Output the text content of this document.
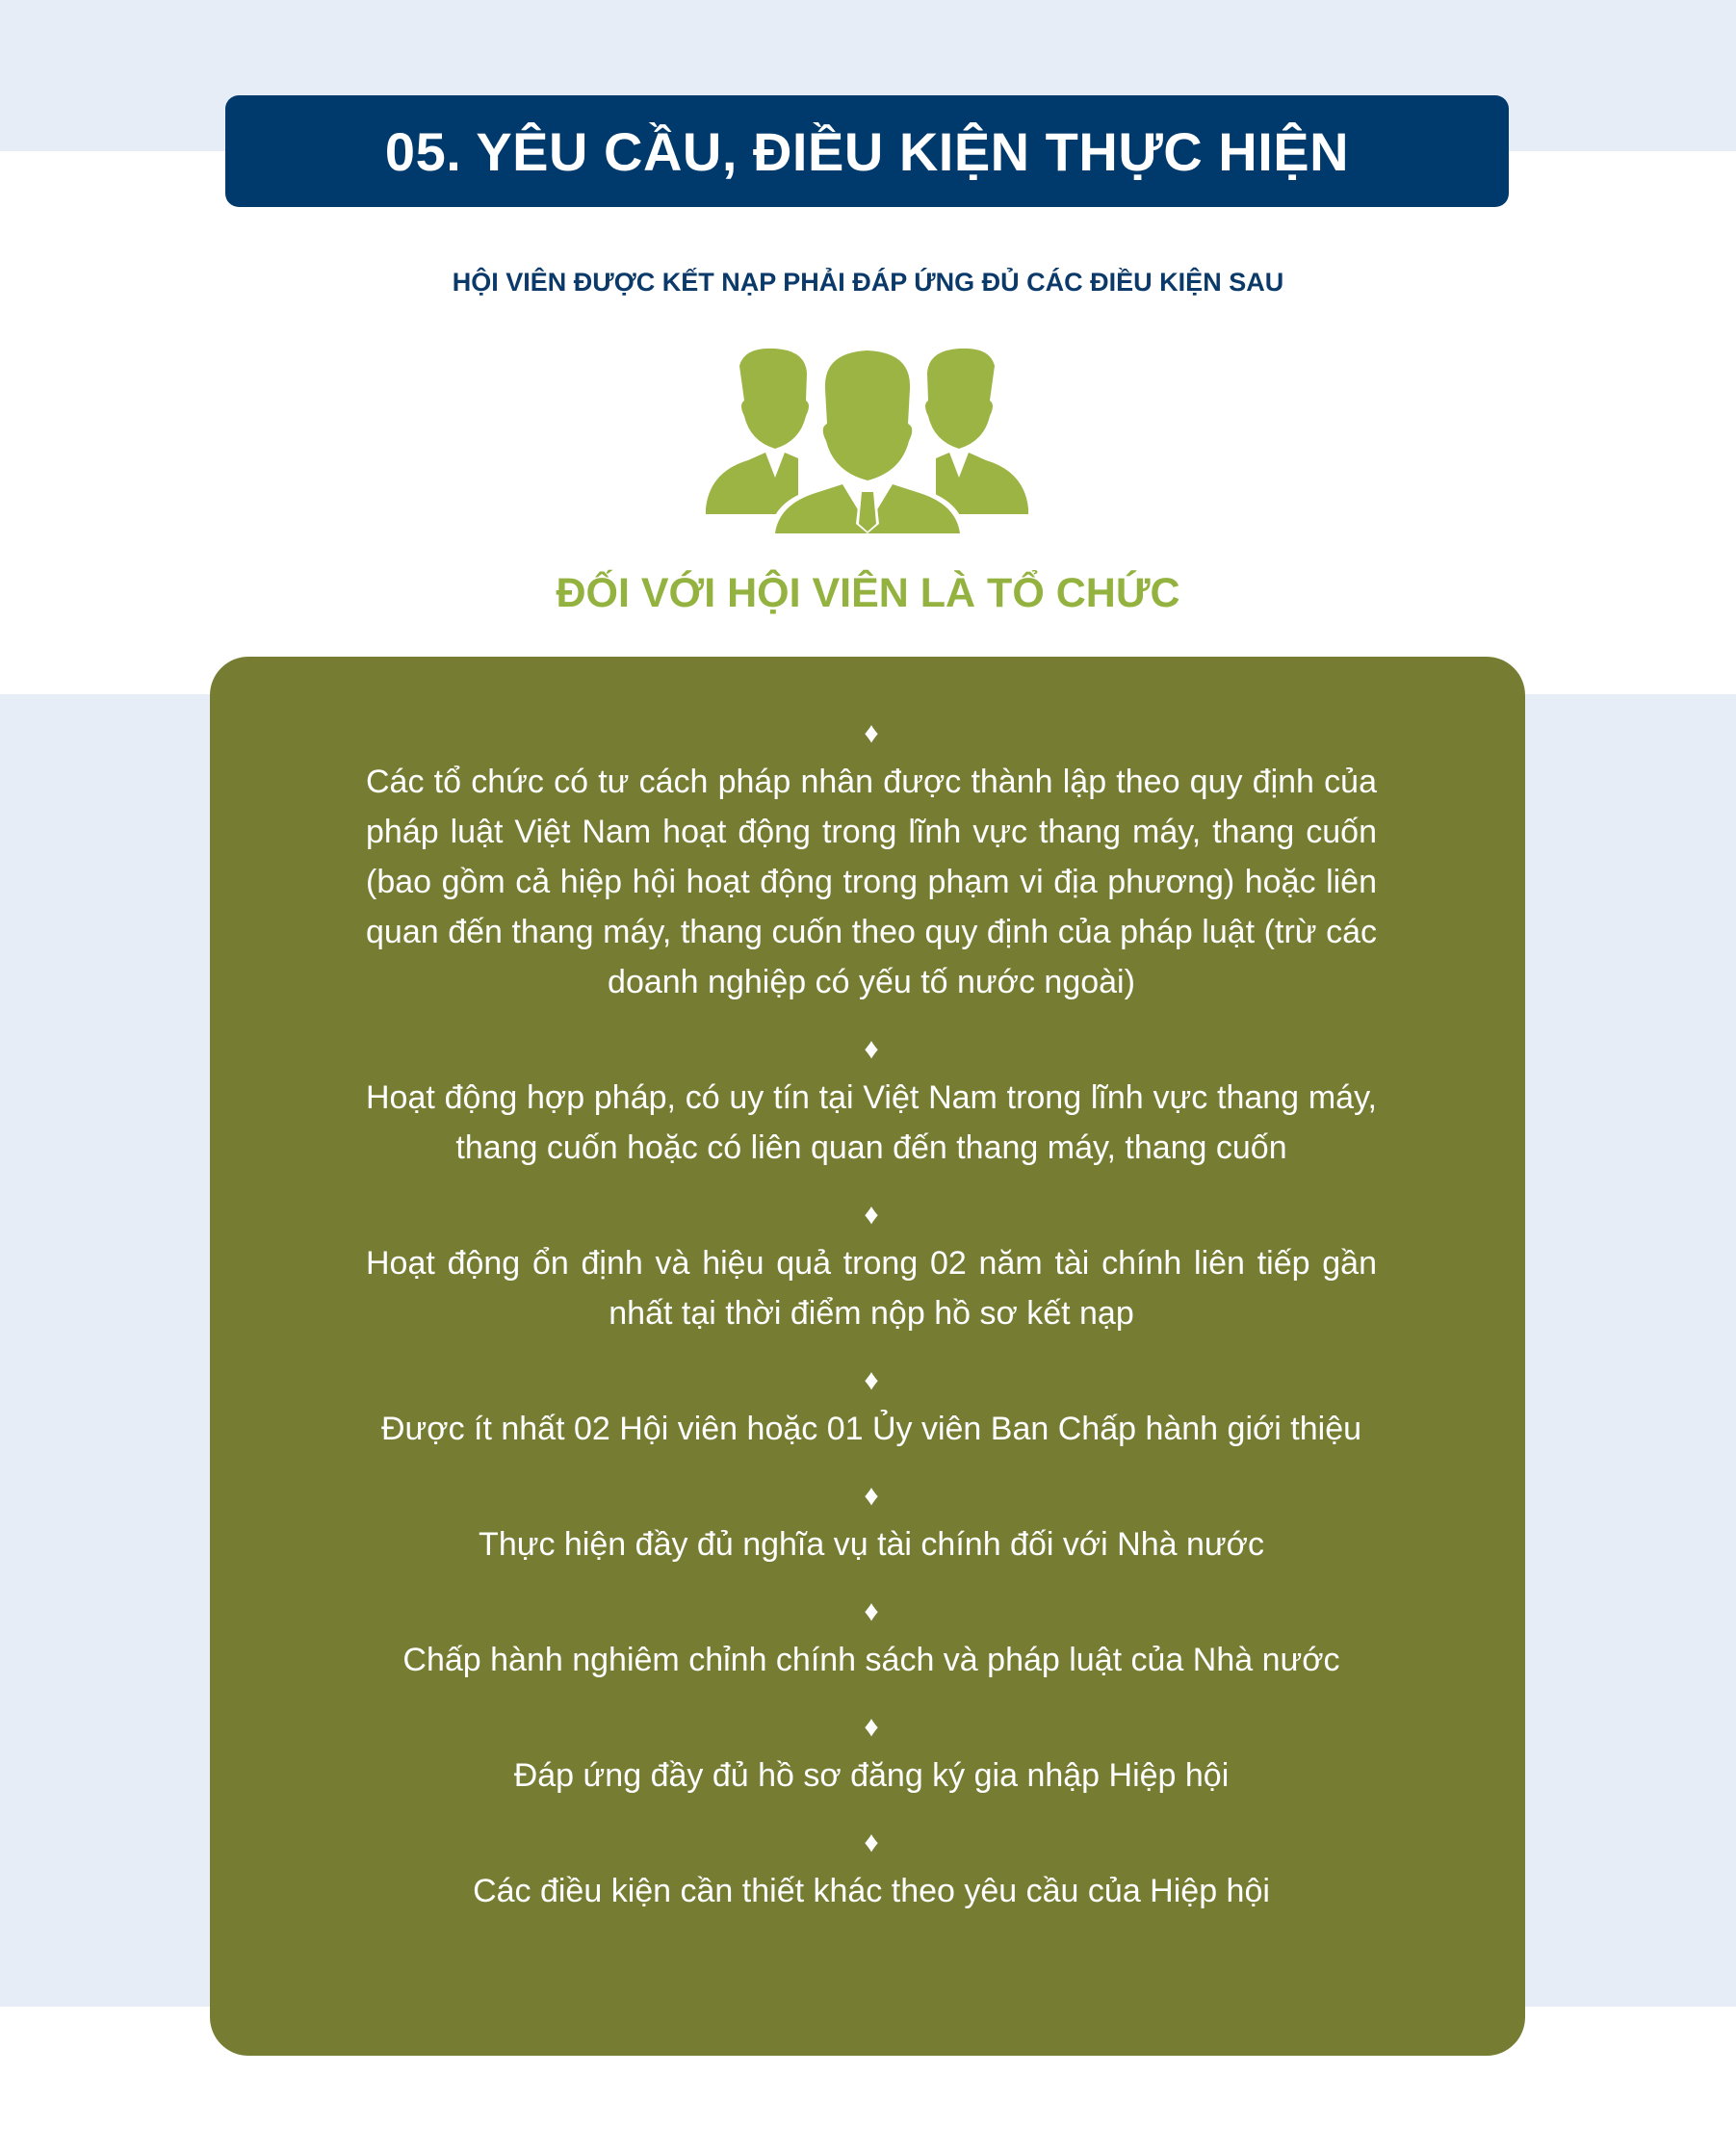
05. YÊU CẦU, ĐIỀU KIỆN THỰC HIỆN
HỘI VIÊN ĐƯỢC KẾT NẠP PHẢI ĐÁP ỨNG ĐỦ CÁC ĐIỀU KIỆN SAU
ĐỐI VỚI HỘI VIÊN LÀ TỔ CHỨC
♦
Các tổ chức có tư cách pháp nhân được thành lập theo quy định của pháp luật Việt Nam hoạt động trong lĩnh vực thang máy, thang cuốn (bao gồm cả hiệp hội hoạt động trong phạm vi địa phương) hoặc liên quan đến thang máy, thang cuốn theo quy định của pháp luật (trừ các doanh nghiệp có yếu tố nước ngoài)
♦
Hoạt động hợp pháp, có uy tín tại Việt Nam trong lĩnh vực thang máy, thang cuốn hoặc có liên quan đến thang máy, thang cuốn
♦
Hoạt động ổn định và hiệu quả trong 02 năm tài chính liên tiếp gần nhất tại thời điểm nộp hồ sơ kết nạp
♦
Được ít nhất 02 Hội viên hoặc 01 Ủy viên Ban Chấp hành giới thiệu
♦
Thực hiện đầy đủ nghĩa vụ tài chính đối với Nhà nước
♦
Chấp hành nghiêm chỉnh chính sách và pháp luật của Nhà nước
♦
Đáp ứng đầy đủ hồ sơ đăng ký gia nhập Hiệp hội
♦
Các điều kiện cần thiết khác theo yêu cầu của Hiệp hội
